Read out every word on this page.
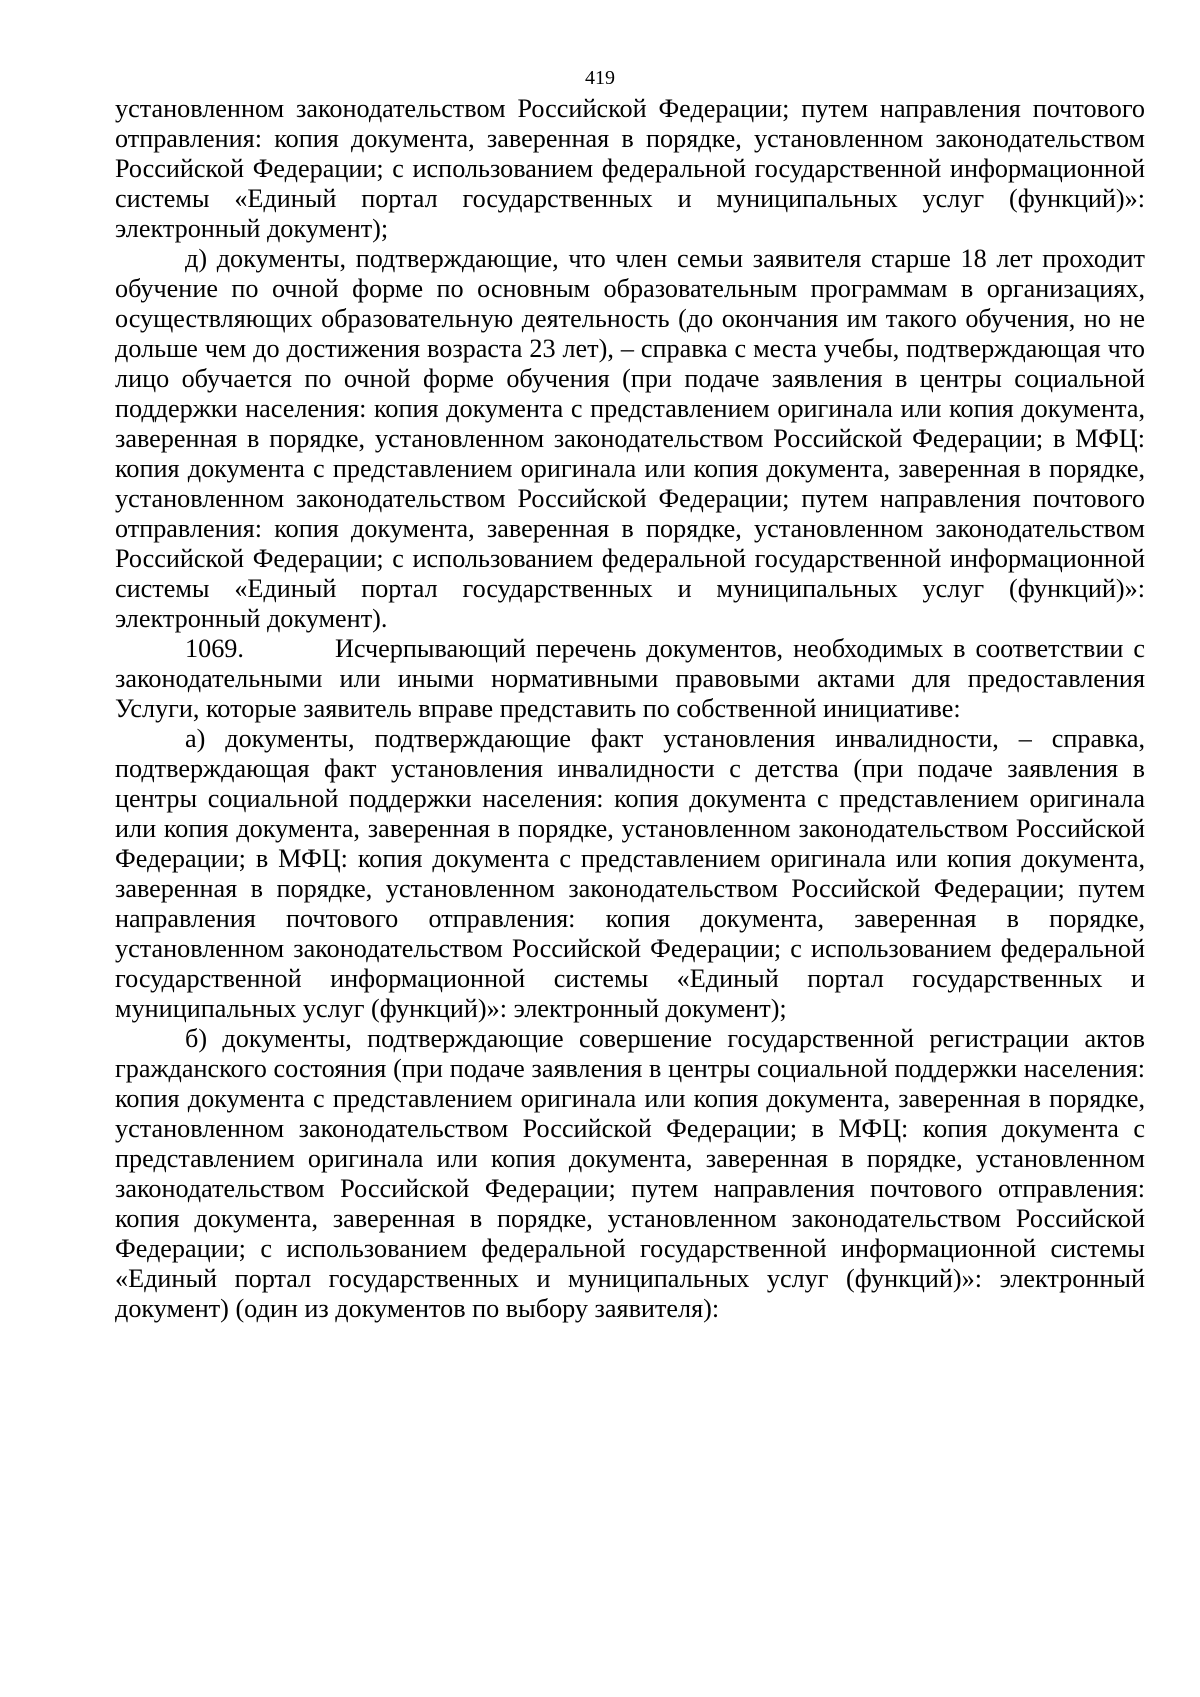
419

установленном законодательством Российской Федерации; путем направления почтового отправления: копия документа, заверенная в порядке, установленном законодательством Российской Федерации; с использованием федеральной государственной информационной системы «Единый портал государственных и муниципальных услуг (функций)»: электронный документ);

д) документы, подтверждающие, что член семьи заявителя старше 18 лет проходит обучение по очной форме по основным образовательным программам в организациях, осуществляющих образовательную деятельность (до окончания им такого обучения, но не дольше чем до достижения возраста 23 лет), – справка с места учебы, подтверждающая что лицо обучается по очной форме обучения (при подаче заявления в центры социальной поддержки населения: копия документа с представлением оригинала или копия документа, заверенная в порядке, установленном законодательством Российской Федерации; в МФЦ: копия документа с представлением оригинала или копия документа, заверенная в порядке, установленном законодательством Российской Федерации; путем направления почтового отправления: копия документа, заверенная в порядке, установленном законодательством Российской Федерации; с использованием федеральной государственной информационной системы «Единый портал государственных и муниципальных услуг (функций)»: электронный документ).

1069.	Исчерпывающий перечень документов, необходимых в соответствии с законодательными или иными нормативными правовыми актами для предоставления Услуги, которые заявитель вправе представить по собственной инициативе:

а) документы, подтверждающие факт установления инвалидности, – справка, подтверждающая факт установления инвалидности с детства (при подаче заявления в центры социальной поддержки населения: копия документа с представлением оригинала или копия документа, заверенная в порядке, установленном законодательством Российской Федерации; в МФЦ: копия документа с представлением оригинала или копия документа, заверенная в порядке, установленном законодательством Российской Федерации; путем направления почтового отправления: копия документа, заверенная в порядке, установленном законодательством Российской Федерации; с использованием федеральной государственной информационной системы «Единый портал государственных и муниципальных услуг (функций)»: электронный документ);

б) документы, подтверждающие совершение государственной регистрации актов гражданского состояния (при подаче заявления в центры социальной поддержки населения: копия документа с представлением оригинала или копия документа, заверенная в порядке, установленном законодательством Российской Федерации; в МФЦ: копия документа с представлением оригинала или копия документа, заверенная в порядке, установленном законодательством Российской Федерации; путем направления почтового отправления: копия документа, заверенная в порядке, установленном законодательством Российской Федерации; с использованием федеральной государственной информационной системы «Единый портал государственных и муниципальных услуг (функций)»: электронный документ) (один из документов по выбору заявителя):
